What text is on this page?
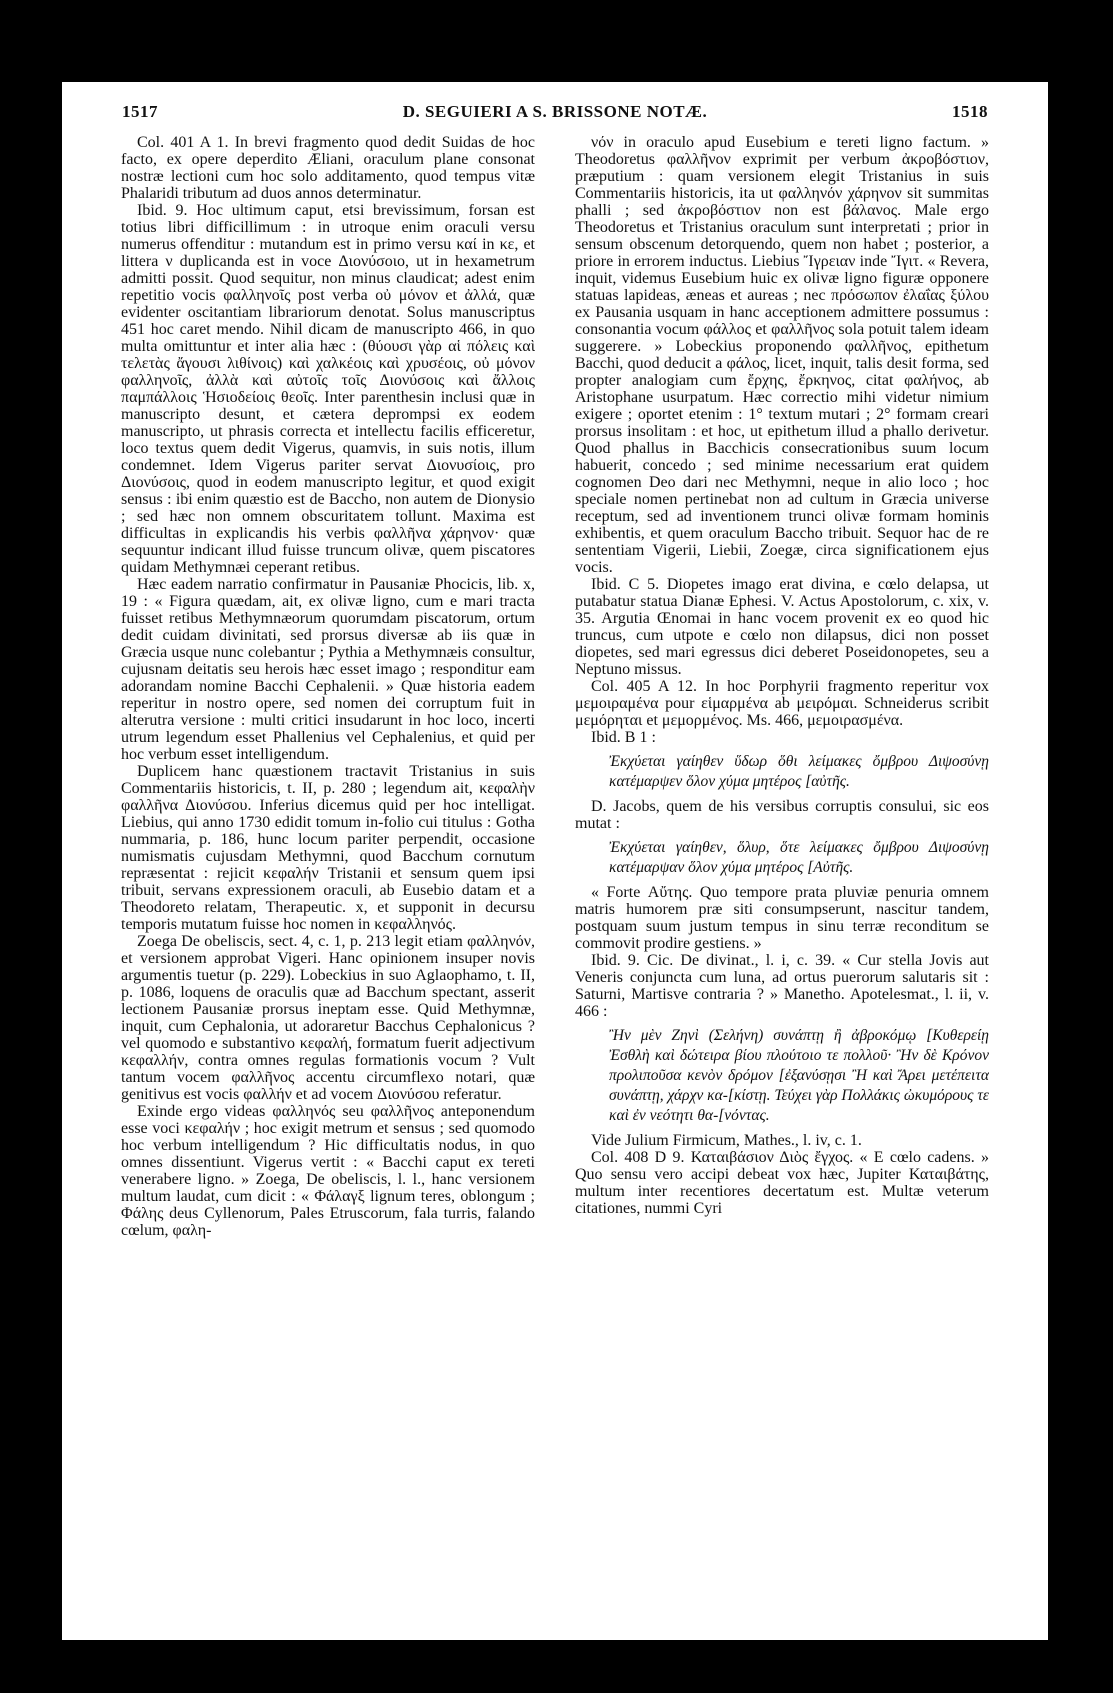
1517	D. SEGUIERI A S. BRISSONE NOTÆ.	1518

Col. 401 A 1. In brevi fragmento quod dedit Suidas de hoc facto, ex opere deperdito Æliani, oraculum plane consonat nostræ lectioni cum hoc solo additamento, quod tempus vitæ Phalaridi tributum ad duos annos determinatur.

Ibid. 9. Hoc ultimum caput, etsi brevissimum, forsan est totius libri difficillimum : in utroque enim oraculi versu numerus offenditur : mutandum est in primo versu καί in κε, et littera ν duplicanda est in voce Διονύσοιο, ut in hexametrum admitti possit. Quod sequitur, non minus claudicat; adest enim repetitio vocis φαλληνοῖς post verba οὐ μόνον et ἀλλά, quæ evidenter oscitantiam librariorum denotat. Solus manuscriptus 451 hoc caret mendo. Nihil dicam de manuscripto 466, in quo multa omittuntur et inter alia hæc : (θύουσι γὰρ αἱ πόλεις καὶ τελετὰς ἄγουσι λιθίνοις) καὶ χαλκέοις καὶ χρυσέοις, οὐ μόνον φαλληνοῖς, ἀλλὰ καὶ αὐτοῖς τοῖς Διονύσοις καὶ ἄλλοις παμπάλλοις Ἡσιοδείοις θεοῖς. Inter parenthesin inclusi quæ in manuscripto desunt, et cætera deprompsi ex eodem manuscripto, ut phrasis correcta et intellectu facilis efficeretur, loco textus quem dedit Vigerus, quamvis, in suis notis, illum condemnet. Idem Vigerus pariter servat Διονυσίοις, pro Διονύσοις, quod in eodem manuscripto legitur, et quod exigit sensus : ibi enim quæstio est de Baccho, non autem de Dionysio ; sed hæc non omnem obscuritatem tollunt. Maxima est difficultas in explicandis his verbis φαλλῆνα χάρηνον· quæ sequuntur indicant illud fuisse truncum olivæ, quem piscatores quidam Methymnæi ceperant retibus.

Hæc eadem narratio confirmatur in Pausaniæ Phocicis, lib. x, 19 : « Figura quædam, ait, ex olivæ ligno, cum e mari tracta fuisset retibus Methymnæorum quorumdam piscatorum, ortum dedit cuidam divinitati, sed prorsus diversæ ab iis quæ in Græcia usque nunc colebantur ; Pythia a Methymnæis consultur, cujusnam deitatis seu herois hæc esset imago ; responditur eam adorandam nomine Bacchi Cephalenii. » Quæ historia eadem reperitur in nostro opere, sed nomen dei corruptum fuit in alterutra versione : multi critici insudarunt in hoc loco, incerti utrum legendum esset Phallenius vel Cephalenius, et quid per hoc verbum esset intelligendum.

Duplicem hanc quæstionem tractavit Tristanius in suis Commentariis historicis, t. II, p. 280 ; legendum ait, κεφαλὴν φαλλῆνα Διονύσου. Inferius dicemus quid per hoc intelligat. Liebius, qui anno 1730 edidit tomum in-folio cui titulus : Gotha nummaria, p. 186, hunc locum pariter perpendit, occasione numismatis cujusdam Methymni, quod Bacchum cornutum repræsentat : rejicit κεφαλήν Tristanii et sensum quem ipsi tribuit, servans expressionem oraculi, ab Eusebio datam et a Theodoreto relatam, Therapeutic. x, et supponit in decursu temporis mutatum fuisse hoc nomen in κεφαλληνός.

Zoega De obeliscis, sect. 4, c. 1, p. 213 legit etiam φαλληνόν, et versionem approbat Vigeri. Hanc opinionem insuper novis argumentis tuetur (p. 229). Lobeckius in suo Aglaophamo, t. II, p. 1086, loquens de oraculis quæ ad Bacchum spectant, asserit lectionem Pausaniæ prorsus ineptam esse. Quid Methymnæ, inquit, cum Cephalonia, ut adoraretur Bacchus Cephalonicus ? vel quomodo e substantivo κεφαλή, formatum fuerit adjectivum κεφαλλήν, contra omnes regulas formationis vocum ? Vult tantum vocem φαλλῆνος accentu circumflexo notari, quæ genitivus est vocis φαλλήν et ad vocem Διονύσου referatur.

Exinde ergo videas φαλληνός seu φαλλῆνος anteponendum esse voci κεφαλήν ; hoc exigit metrum et sensus ; sed quomodo hoc verbum intelligendum ? Hic difficultatis nodus, in quo omnes dissentiunt. Vigerus vertit : « Bacchi caput ex tereti venerabere ligno. » Zoega, De obeliscis, l. l., hanc versionem multum laudat, cum dicit : « Φάλαγξ lignum teres, oblongum ; Φάλης deus Cyllenorum, Pales Etruscorum, fala turris, falando cœlum, φαλη-

νόν in oraculo apud Eusebium e tereti ligno factum. » Theodoretus φαλλῆνον exprimit per verbum ἀκροβόστιον, præputium : quam versionem elegit Tristanius in suis Commentariis historicis, ita ut φαλληνόν χάρηνον sit summitas phalli ; sed ἀκροβόστιον non est βάλανος. Male ergo Theodoretus et Tristanius oraculum sunt interpretati ; prior in sensum obscenum detorquendo, quem non habet ; posterior, a priore in errorem inductus. Liebius Ἴγρειαν inde Ἴγιτ. « Revera, inquit, videmus Eusebium huic ex olivæ ligno figuræ opponere statuas lapideas, æneas et aureas ; nec πρόσωπον ἐλαΐας ξύλου ex Pausania usquam in hanc acceptionem admittere possumus : consonantia vocum φάλλος et φαλλῆνος sola potuit talem ideam suggerere. » Lobeckius proponendo φαλλῆνος, epithetum Bacchi, quod deducit a φάλος, licet, inquit, talis desit forma, sed propter analogiam cum ἔρχης, ἔρκηνος, citat φαλήνος, ab Aristophane usurpatum. Hæc correctio mihi videtur nimium exigere ; oportet etenim : 1° textum mutari ; 2° formam creari prorsus insolitam : et hoc, ut epithetum illud a phallo derivetur. Quod phallus in Bacchicis consecrationibus suum locum habuerit, concedo ; sed minime necessarium erat quidem cognomen Deo dari nec Methymni, neque in alio loco ; hoc speciale nomen pertinebat non ad cultum in Græcia universe receptum, sed ad inventionem trunci olivæ formam hominis exhibentis, et quem oraculum Baccho tribuit. Sequor hac de re sententiam Vigerii, Liebii, Zoegæ, circa significationem ejus vocis.

Ibid. C 5. Diopetes imago erat divina, e cœlo delapsa, ut putabatur statua Dianæ Ephesi. V. Actus Apostolorum, c. xix, v. 35. Argutia Œnomai in hanc vocem provenit ex eo quod hic truncus, cum utpote e cœlo non dilapsus, dici non posset diopetes, sed mari egressus dici deberet Poseidonopetes, seu a Neptuno missus.

Col. 405 A 12. In hoc Porphyrii fragmento reperitur vox μεμοιραμένα pour εἱμαρμένα ab μειρόμαι. Schneiderus scribit μεμόρηται et μεμορμένος. Ms. 466, μεμοιρασμένα.

Ibid. B 1 :

Ἐκχύεται γαίηθεν ὕδωρ ὅθι λείμακες ὄμβρου Διψοσύνῃ κατέμαρψεν ὅλον χύμα μητέρος [αὐτῆς.

D. Jacobs, quem de his versibus corruptis consului, sic eos mutat :

Ἐκχύεται γαίηθεν, ὅλυρ, ὅτε λείμακες ὄμβρου Διψοσύνῃ κατέμαρψαν ὅλον χύμα μητέρος [Αὐτῆς.

« Forte Αὔτης. Quo tempore prata pluviæ penuria omnem matris humorem præ siti consumpserunt, nascitur tandem, postquam suum justum tempus in sinu terræ reconditum se commovit prodire gestiens. »

Ibid. 9. Cic. De divinat., l. i, c. 39. « Cur stella Jovis aut Veneris conjuncta cum luna, ad ortus puerorum salutaris sit : Saturni, Martisve contraria ? » Manetho. Apotelesmat., l. ii, v. 466 :

Ἢν μὲν Ζηνὶ (Σελήνη) συνάπτῃ ἢ ἀβροκόμῳ [Κυθερείῃ Ἐσθλὴ καὶ δώτειρα βίου πλούτοιο τε πολλοῦ· Ἢν δὲ Κρόνον προλιποῦσα κενὸν δρόμον [ἐξανύσῃσι Ἢ καὶ Ἄρει μετέπειτα συνάπτῃ, χάρχν κα-[κίστῃ. Τεύχει γὰρ Πολλάκις ὠκυμόρους τε καὶ ἐν νεότητι θα-[νόντας.

Vide Julium Firmicum, Mathes., l. iv, c. 1.

Col. 408 D 9. Καταιβάσιον Διὸς ἔγχος. « E cœlo cadens. » Quo sensu vero accipi debeat vox hæc, Jupiter Καταιβάτης, multum inter recentiores decertatum est. Multæ veterum citationes, nummi Cyri
